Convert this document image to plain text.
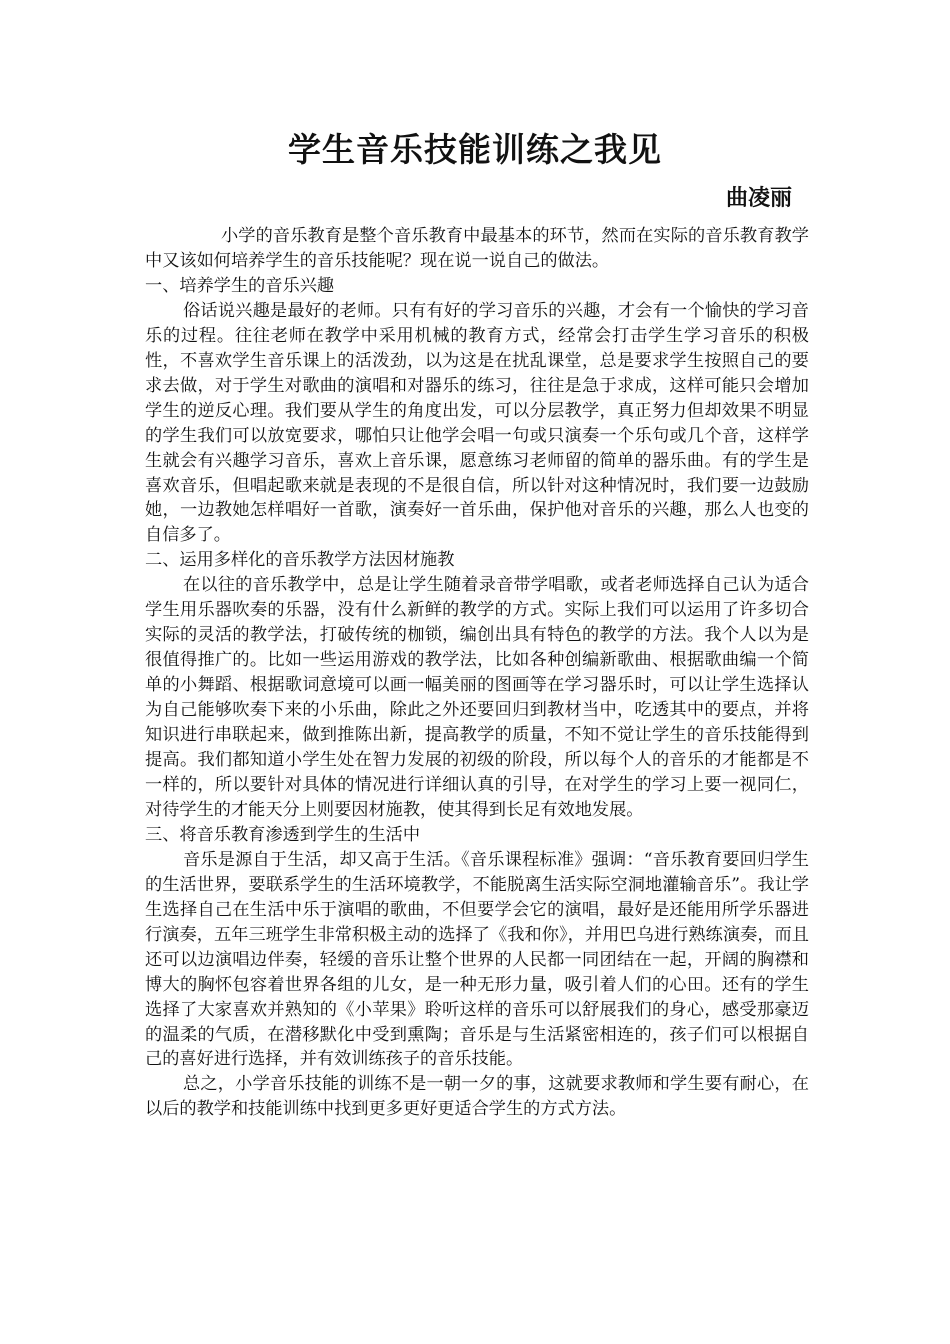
学生音乐技能训练之我见
曲凌丽

小学的音乐教育是整个音乐教育中最基本的环节，然而在实际的音乐教育教学中又该如何培养学生的音乐技能呢？现在说一说自己的做法。

一、培养学生的音乐兴趣

俗话说兴趣是最好的老师。只有有好的学习音乐的兴趣，才会有一个愉快的学习音乐的过程。往往老师在教学中采用机械的教育方式，经常会打击学生学习音乐的积极性，不喜欢学生音乐课上的活泼劲，以为这是在扰乱课堂，总是要求学生按照自己的要求去做，对于学生对歌曲的演唱和对器乐的练习，往往是急于求成，这样可能只会增加学生的逆反心理。我们要从学生的角度出发，可以分层教学，真正努力但却效果不明显的学生我们可以放宽要求，哪怕只让他学会唱一句或只演奏一个乐句或几个音，这样学生就会有兴趣学习音乐，喜欢上音乐课，愿意练习老师留的简单的器乐曲。有的学生是喜欢音乐，但唱起歌来就是表现的不是很自信，所以针对这种情况时，我们要一边鼓励她，一边教她怎样唱好一首歌，演奏好一首乐曲，保护他对音乐的兴趣，那么人也变的自信多了。

二、运用多样化的音乐教学方法因材施教

在以往的音乐教学中，总是让学生随着录音带学唱歌，或者老师选择自己认为适合学生用乐器吹奏的乐器，没有什么新鲜的教学的方式。实际上我们可以运用了许多切合实际的灵活的教学法，打破传统的枷锁，编创出具有特色的教学的方法。我个人以为是很值得推广的。比如一些运用游戏的教学法，比如各种创编新歌曲、根据歌曲编一个简单的小舞蹈、根据歌词意境可以画一幅美丽的图画等在学习器乐时，可以让学生选择认为自己能够吹奏下来的小乐曲，除此之外还要回归到教材当中，吃透其中的要点，并将知识进行串联起来，做到推陈出新，提高教学的质量，不知不觉让学生的音乐技能得到提高。我们都知道小学生处在智力发展的初级的阶段，所以每个人的音乐的才能都是不一样的，所以要针对具体的情况进行详细认真的引导，在对学生的学习上要一视同仁，对待学生的才能天分上则要因材施教，使其得到长足有效地发展。

三、将音乐教育渗透到学生的生活中

音乐是源自于生活，却又高于生活。《音乐课程标准》强调：“音乐教育要回归学生的生活世界，要联系学生的生活环境教学，不能脱离生活实际空洞地灌输音乐”。我让学生选择自己在生活中乐于演唱的歌曲，不但要学会它的演唱，最好是还能用所学乐器进行演奏，五年三班学生非常积极主动的选择了《我和你》，并用巴乌进行熟练演奏，而且还可以边演唱边伴奏，轻缓的音乐让整个世界的人民都一同团结在一起，开阔的胸襟和博大的胸怀包容着世界各组的儿女，是一种无形力量，吸引着人们的心田。还有的学生选择了大家喜欢并熟知的《小苹果》聆听这样的音乐可以舒展我们的身心，感受那豪迈的温柔的气质，在潜移默化中受到熏陶；音乐是与生活紧密相连的，孩子们可以根据自己的喜好进行选择，并有效训练孩子的音乐技能。

总之，小学音乐技能的训练不是一朝一夕的事，这就要求教师和学生要有耐心，在以后的教学和技能训练中找到更多更好更适合学生的方式方法。
